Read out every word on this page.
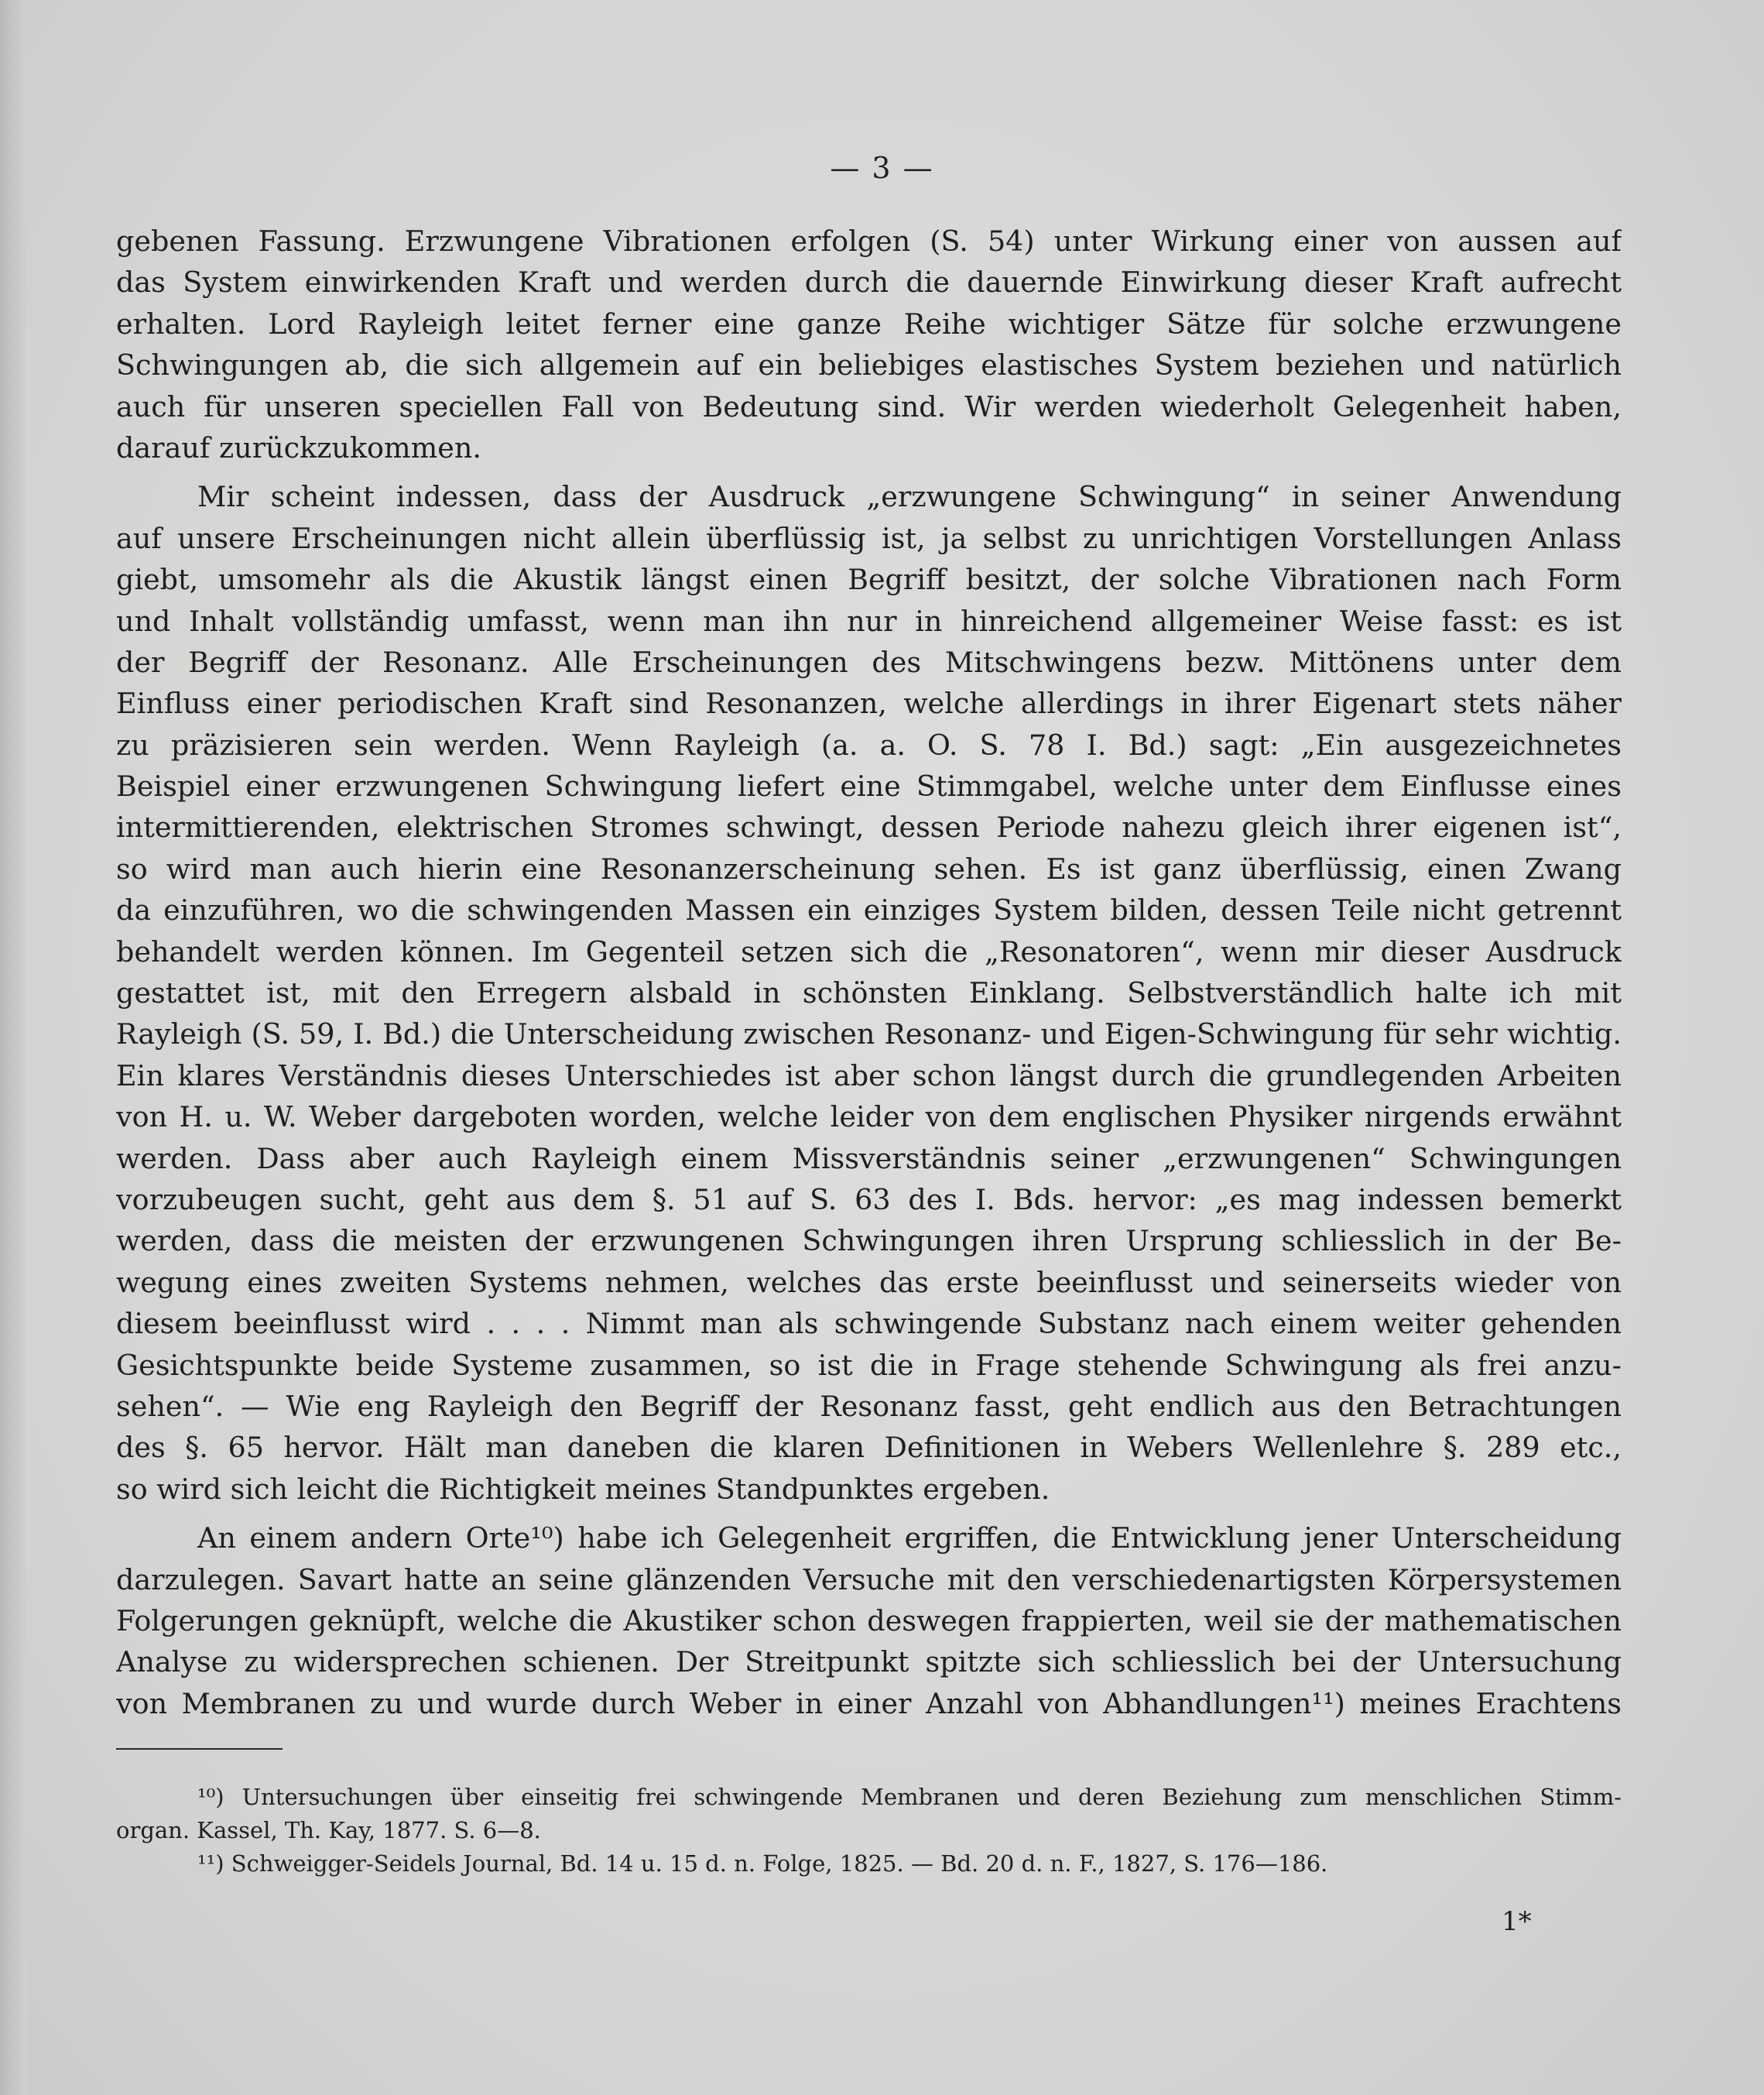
— 3 —
gebenen Fassung. Erzwungene Vibrationen erfolgen (S. 54) unter Wirkung einer von aussen auf
das System einwirkenden Kraft und werden durch die dauernde Einwirkung dieser Kraft aufrecht
erhalten. Lord Rayleigh leitet ferner eine ganze Reihe wichtiger Sätze für solche erzwungene
Schwingungen ab, die sich allgemein auf ein beliebiges elastisches System beziehen und natürlich
auch für unseren speciellen Fall von Bedeutung sind. Wir werden wiederholt Gelegenheit haben,
darauf zurückzukommen.
Mir scheint indessen, dass der Ausdruck „erzwungene Schwingung“ in seiner Anwendung
auf unsere Erscheinungen nicht allein überflüssig ist, ja selbst zu unrichtigen Vorstellungen Anlass
giebt, umsomehr als die Akustik längst einen Begriff besitzt, der solche Vibrationen nach Form
und Inhalt vollständig umfasst, wenn man ihn nur in hinreichend allgemeiner Weise fasst: es ist
der Begriff der Resonanz. Alle Erscheinungen des Mitschwingens bezw. Mittönens unter dem
Einfluss einer periodischen Kraft sind Resonanzen, welche allerdings in ihrer Eigenart stets näher
zu präzisieren sein werden. Wenn Rayleigh (a. a. O. S. 78 I. Bd.) sagt: „Ein ausgezeichnetes
Beispiel einer erzwungenen Schwingung liefert eine Stimmgabel, welche unter dem Einflusse eines
intermittierenden, elektrischen Stromes schwingt, dessen Periode nahezu gleich ihrer eigenen ist“,
so wird man auch hierin eine Resonanzerscheinung sehen. Es ist ganz überflüssig, einen Zwang
da einzuführen, wo die schwingenden Massen ein einziges System bilden, dessen Teile nicht getrennt
behandelt werden können. Im Gegenteil setzen sich die „Resonatoren“, wenn mir dieser Ausdruck
gestattet ist, mit den Erregern alsbald in schönsten Einklang. Selbstverständlich halte ich mit
Rayleigh (S. 59, I. Bd.) die Unterscheidung zwischen Resonanz- und Eigen-Schwingung für sehr wichtig.
Ein klares Verständnis dieses Unterschiedes ist aber schon längst durch die grundlegenden Arbeiten
von H. u. W. Weber dargeboten worden, welche leider von dem englischen Physiker nirgends erwähnt
werden. Dass aber auch Rayleigh einem Missverständnis seiner „erzwungenen“ Schwingungen
vorzubeugen sucht, geht aus dem §. 51 auf S. 63 des I. Bds. hervor: „es mag indessen bemerkt
werden, dass die meisten der erzwungenen Schwingungen ihren Ursprung schliesslich in der Be-
wegung eines zweiten Systems nehmen, welches das erste beeinflusst und seinerseits wieder von
diesem beeinflusst wird . . . . Nimmt man als schwingende Substanz nach einem weiter gehenden
Gesichtspunkte beide Systeme zusammen, so ist die in Frage stehende Schwingung als frei anzu-
sehen“. — Wie eng Rayleigh den Begriff der Resonanz fasst, geht endlich aus den Betrachtungen
des §. 65 hervor. Hält man daneben die klaren Definitionen in Webers Wellenlehre §. 289 etc.,
so wird sich leicht die Richtigkeit meines Standpunktes ergeben.
An einem andern Orte¹⁰) habe ich Gelegenheit ergriffen, die Entwicklung jener Unterscheidung
darzulegen. Savart hatte an seine glänzenden Versuche mit den verschiedenartigsten Körpersystemen
Folgerungen geknüpft, welche die Akustiker schon deswegen frappierten, weil sie der mathematischen
Analyse zu widersprechen schienen. Der Streitpunkt spitzte sich schliesslich bei der Untersuchung
von Membranen zu und wurde durch Weber in einer Anzahl von Abhandlungen¹¹) meines Erachtens
¹⁰) Untersuchungen über einseitig frei schwingende Membranen und deren Beziehung zum menschlichen Stimm-
organ. Kassel, Th. Kay, 1877. S. 6—8.
¹¹) Schweigger-Seidels Journal, Bd. 14 u. 15 d. n. Folge, 1825. — Bd. 20 d. n. F., 1827, S. 176—186.
1*
